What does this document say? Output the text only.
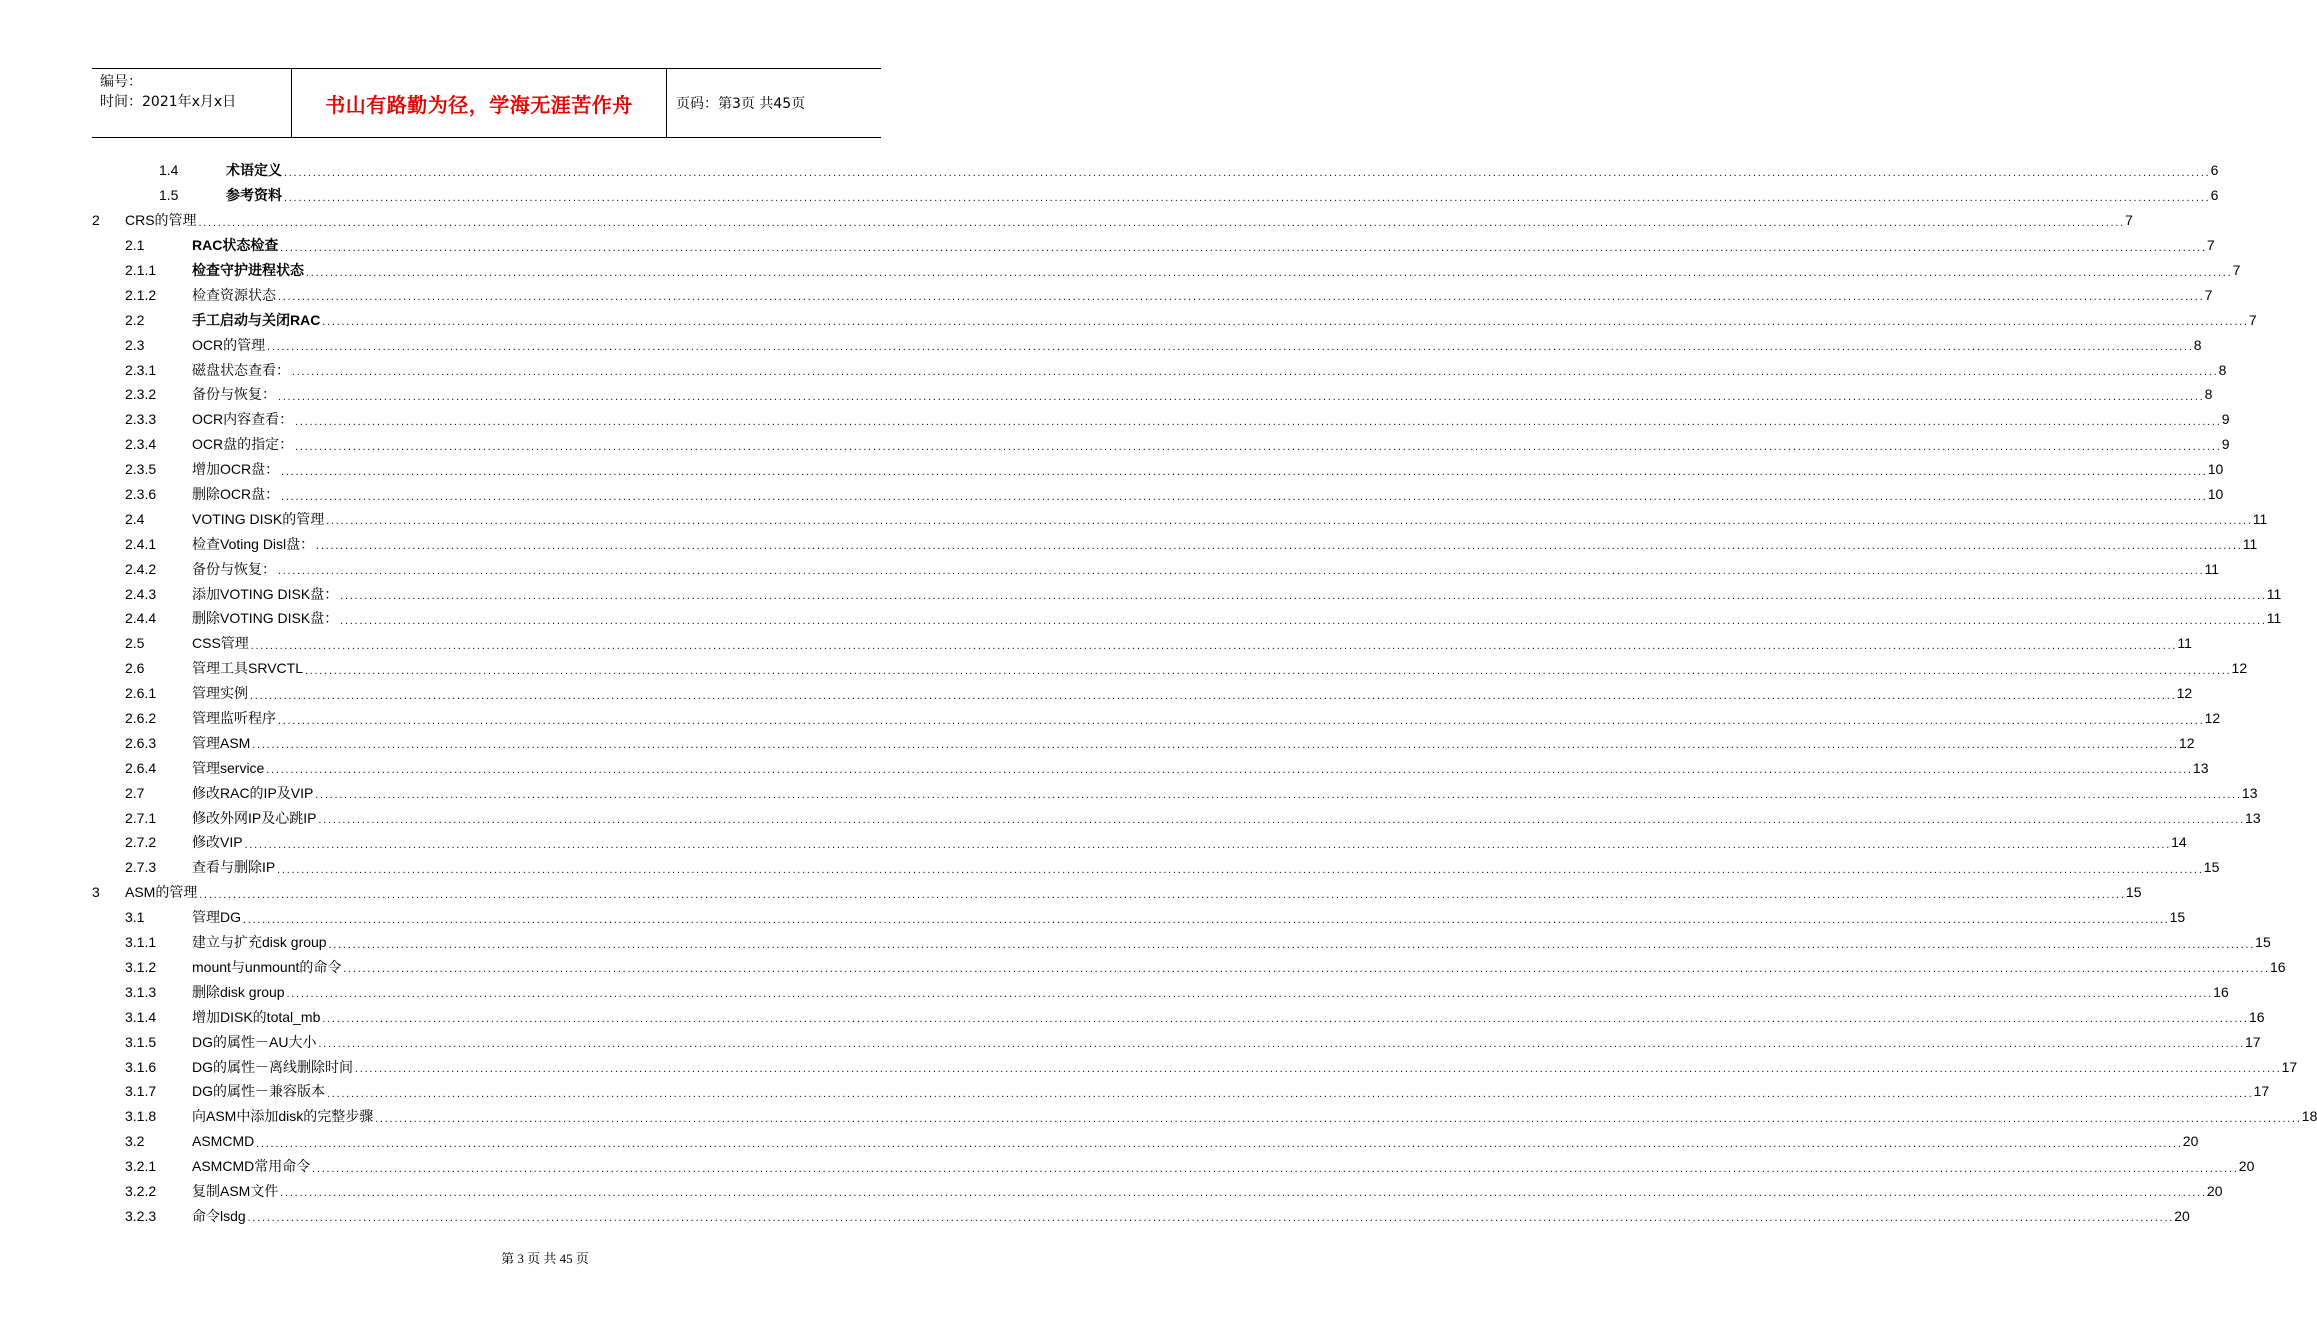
编号：
时间：2021年x月x日	书山有路勤为径，学海无涯苦作舟	页码：第3页 共45页
1.4	术语定义 ................................................................................................................................................................................................................................................................................................................................................................................................................ 6
1.5	参考资料 ................................................................................................................................................................................................................................................................................................................................................................................................................ 6
2	CRS的管理 ................................................................................................................................................................................................................................................................................................................................................................................................................ 7
2.1	RAC状态检查 ................................................................................................................................................................................................................................................................................................................................................................................................................ 7
2.1.1	检查守护进程状态 ................................................................................................................................................................................................................................................................................................................................................................................................................ 7
2.1.2	检查资源状态 ................................................................................................................................................................................................................................................................................................................................................................................................................ 7
2.2	手工启动与关闭RAC ................................................................................................................................................................................................................................................................................................................................................................................................................ 7
2.3	OCR的管理 ................................................................................................................................................................................................................................................................................................................................................................................................................ 8
2.3.1	磁盘状态查看： ................................................................................................................................................................................................................................................................................................................................................................................................................ 8
2.3.2	备份与恢复： ................................................................................................................................................................................................................................................................................................................................................................................................................ 8
2.3.3	OCR内容查看： ................................................................................................................................................................................................................................................................................................................................................................................................................ 9
2.3.4	OCR盘的指定： ................................................................................................................................................................................................................................................................................................................................................................................................................ 9
2.3.5	增加OCR盘： ................................................................................................................................................................................................................................................................................................................................................................................................................ 10
2.3.6	删除OCR盘： ................................................................................................................................................................................................................................................................................................................................................................................................................ 10
2.4	VOTING DISK的管理 ................................................................................................................................................................................................................................................................................................................................................................................................................ 11
2.4.1	检查Voting Disl盘： ................................................................................................................................................................................................................................................................................................................................................................................................................ 11
2.4.2	备份与恢复： ................................................................................................................................................................................................................................................................................................................................................................................................................ 11
2.4.3	添加VOTING DISK盘： ................................................................................................................................................................................................................................................................................................................................................................................................................ 11
2.4.4	删除VOTING DISK盘： ................................................................................................................................................................................................................................................................................................................................................................................................................ 11
2.5	CSS管理 ................................................................................................................................................................................................................................................................................................................................................................................................................ 11
2.6	管理工具SRVCTL ................................................................................................................................................................................................................................................................................................................................................................................................................ 12
2.6.1	管理实例 ................................................................................................................................................................................................................................................................................................................................................................................................................ 12
2.6.2	管理监听程序 ................................................................................................................................................................................................................................................................................................................................................................................................................ 12
2.6.3	管理ASM ................................................................................................................................................................................................................................................................................................................................................................................................................ 12
2.6.4	管理service ................................................................................................................................................................................................................................................................................................................................................................................................................ 13
2.7	修改RAC的IP及VIP ................................................................................................................................................................................................................................................................................................................................................................................................................ 13
2.7.1	修改外网IP及心跳IP ................................................................................................................................................................................................................................................................................................................................................................................................................ 13
2.7.2	修改VIP ................................................................................................................................................................................................................................................................................................................................................................................................................ 14
2.7.3	查看与删除IP ................................................................................................................................................................................................................................................................................................................................................................................................................ 15
3	ASM的管理 ................................................................................................................................................................................................................................................................................................................................................................................................................ 15
3.1	管理DG ................................................................................................................................................................................................................................................................................................................................................................................................................ 15
3.1.1	建立与扩充disk group ................................................................................................................................................................................................................................................................................................................................................................................................................ 15
3.1.2	mount与unmount的命令 ................................................................................................................................................................................................................................................................................................................................................................................................................ 16
3.1.3	删除disk group ................................................................................................................................................................................................................................................................................................................................................................................................................ 16
3.1.4	增加DISK的total_mb ................................................................................................................................................................................................................................................................................................................................................................................................................ 16
3.1.5	DG的属性－AU大小 ................................................................................................................................................................................................................................................................................................................................................................................................................ 17
3.1.6	DG的属性－离线删除时间 ................................................................................................................................................................................................................................................................................................................................................................................................................ 17
3.1.7	DG的属性－兼容版本 ................................................................................................................................................................................................................................................................................................................................................................................................................ 17
3.1.8	向ASM中添加disk的完整步骤 ................................................................................................................................................................................................................................................................................................................................................................................................................ 18
3.2	ASMCMD ................................................................................................................................................................................................................................................................................................................................................................................................................ 20
3.2.1	ASMCMD常用命令 ................................................................................................................................................................................................................................................................................................................................................................................................................ 20
3.2.2	复制ASM文件 ................................................................................................................................................................................................................................................................................................................................................................................................................ 20
3.2.3	命令lsdg ................................................................................................................................................................................................................................................................................................................................................................................................................ 20
第 3 页 共 45 页
